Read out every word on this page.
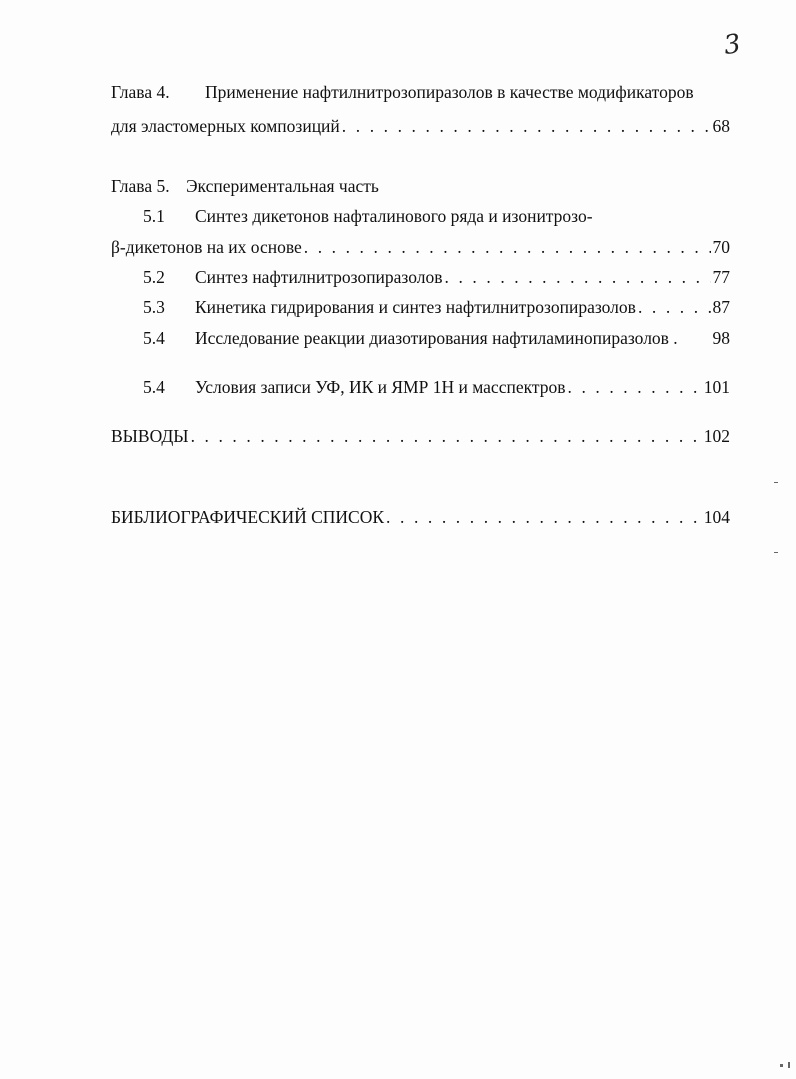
3
Глава 4. Применение нафтилнитрозопиразолов в качестве модификаторов
для эластомерных композиций . . .	68
Глава 5. Экспериментальная часть
5.1 Синтез дикетонов нафталинового ряда и изонитрозо-
β-дикетонов на их основе . . .	70
5.2 Синтез нафтилнитрозопиразолов . . .	77
5.3 Кинетика гидрирования и синтез нафтилнитрозопиразолов . . .	87
5.4 Исследование реакции диазотирования нафтиламинопиразолов . 98
5.4 Условия записи УФ, ИК и ЯМР 1Н и масспектров . . .	101
ВЫВОДЫ . . .	102
БИБЛИОГРАФИЧЕСКИЙ СПИСОК . . .	104
